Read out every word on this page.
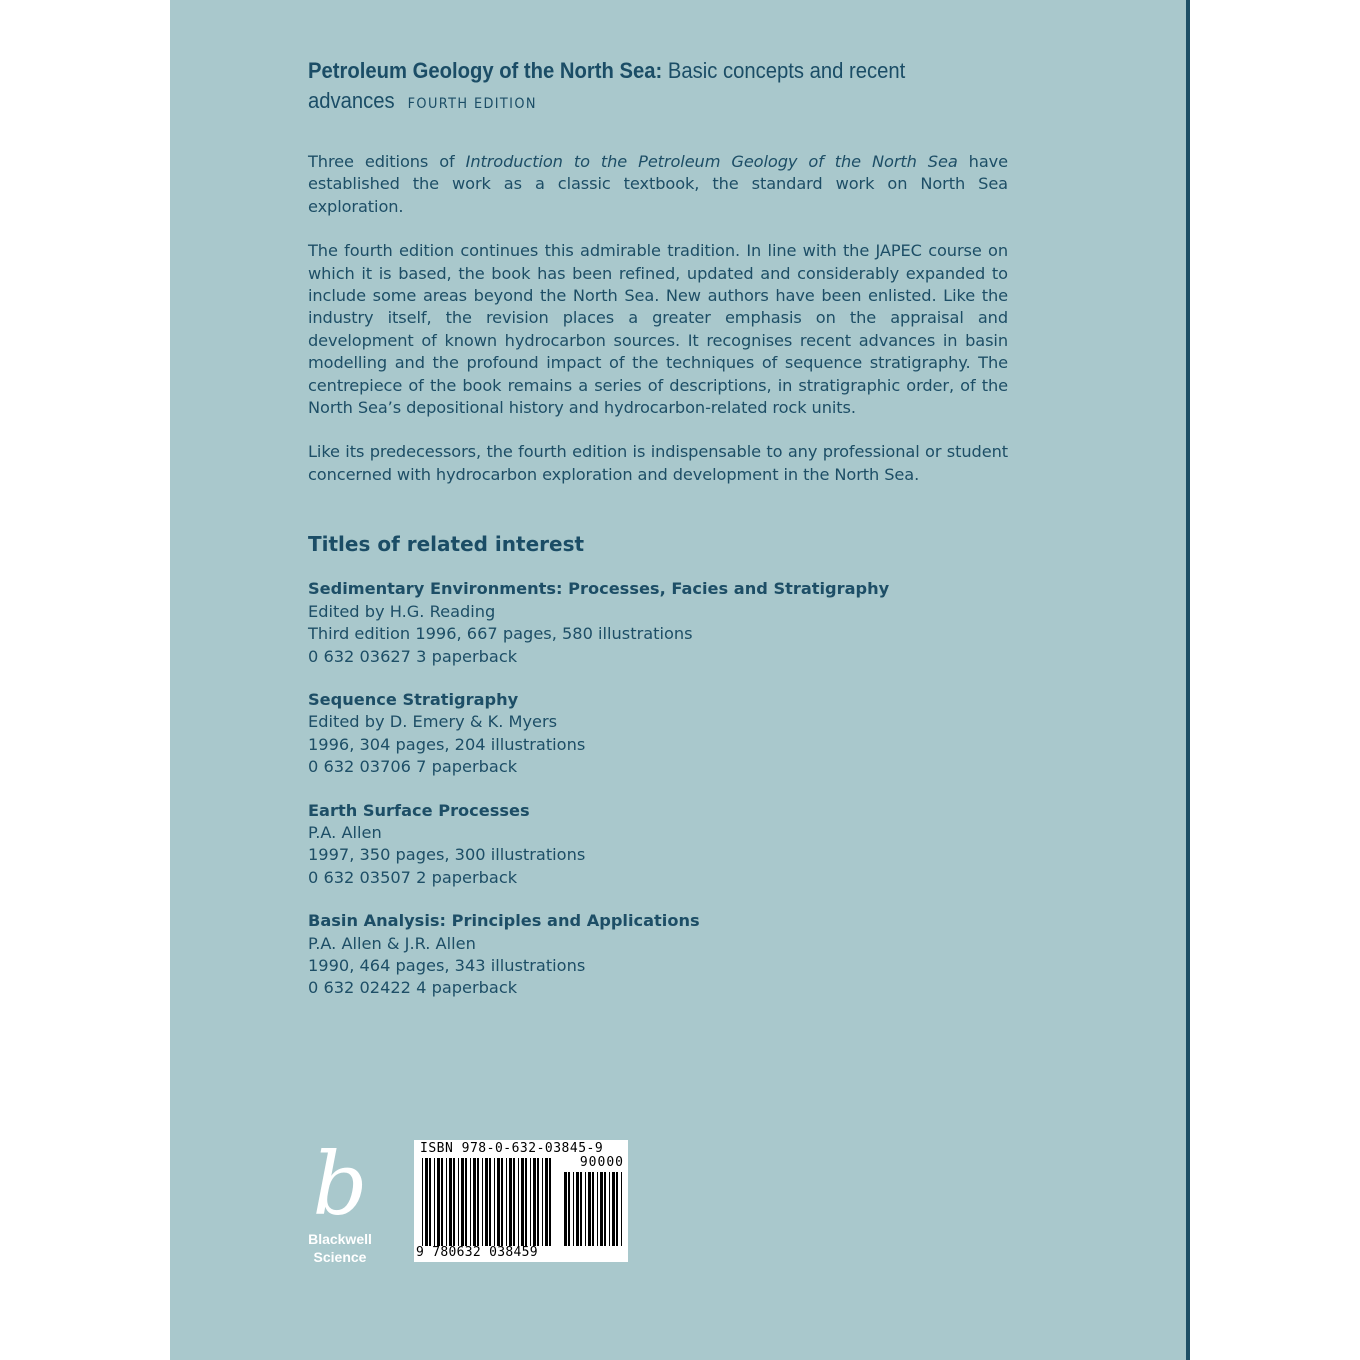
Petroleum Geology of the North Sea: Basic concepts and recent advances FOURTH EDITION

Three editions of Introduction to the Petroleum Geology of the North Sea have established the work as a classic textbook, the standard work on North Sea exploration.

The fourth edition continues this admirable tradition. In line with the JAPEC course on which it is based, the book has been refined, updated and considerably expanded to include some areas beyond the North Sea. New authors have been enlisted. Like the industry itself, the revision places a greater emphasis on the appraisal and development of known hydrocarbon sources. It recognises recent advances in basin modelling and the profound impact of the techniques of sequence stratigraphy. The centrepiece of the book remains a series of descriptions, in stratigraphic order, of the North Sea’s depositional history and hydrocarbon-related rock units.

Like its predecessors, the fourth edition is indispensable to any professional or student concerned with hydrocarbon exploration and development in the North Sea.

Titles of related interest
Sedimentary Environments: Processes, Facies and Stratigraphy
Edited by H.G. Reading
Third edition 1996, 667 pages, 580 illustrations
0 632 03627 3 paperback
Sequence Stratigraphy
Edited by D. Emery & K. Myers
1996, 304 pages, 204 illustrations
0 632 03706 7 paperback
Earth Surface Processes
P.A. Allen
1997, 350 pages, 300 illustrations
0 632 03507 2 paperback
Basin Analysis: Principles and Applications
P.A. Allen & J.R. Allen
1990, 464 pages, 343 illustrations
0 632 02422 4 paperback
b
Blackwell
Science
ISBN 978-0-632-03845-9
90000
9 780632 038459
